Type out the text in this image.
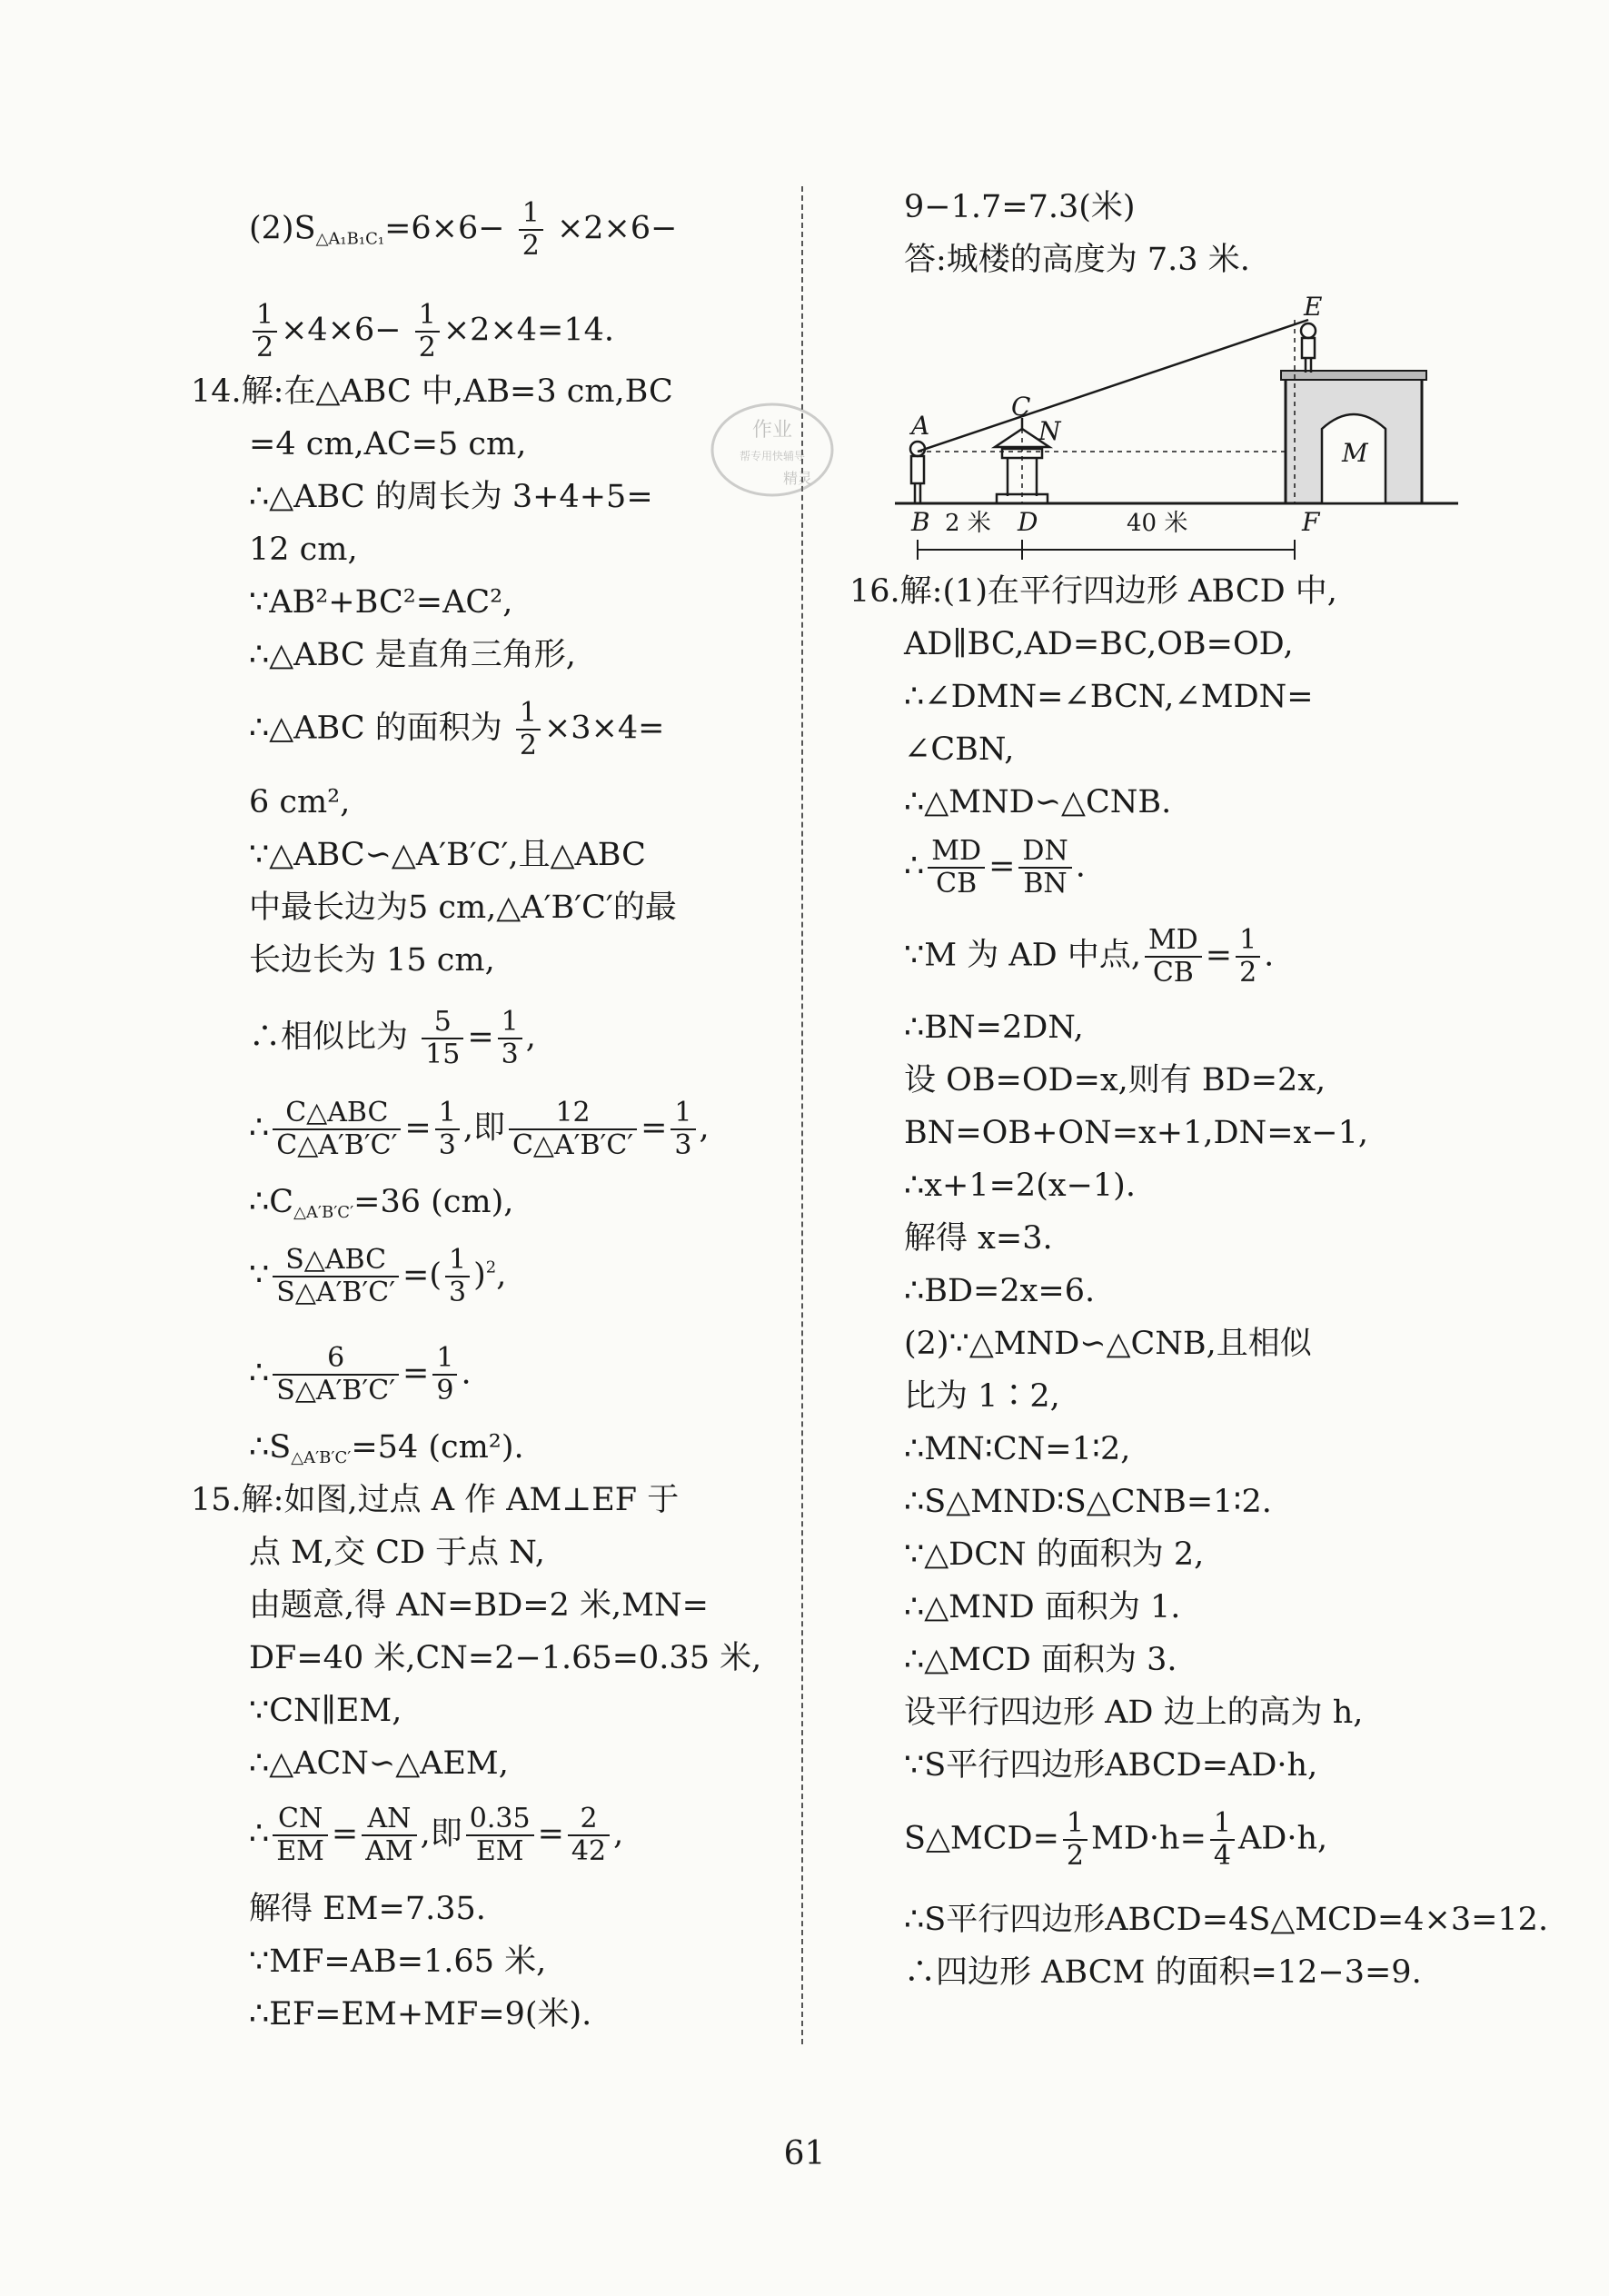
$(2)S_{\triangle A_1B_1C_1}=6\times 6- \frac{1}{2} \times 2\times 6-$
$\frac{1}{2} \times 4\times 6- \frac{1}{2} \times 2\times 4=14$.
14.解:在△ABC 中,AB=3 cm,BC
=4 cm,AC=5 cm,
∴△ABC 的周长为 3+4+5=
12 cm,
∵AB²+BC²=AC²,
∴△ABC 是直角三角形,
∴△ABC 的面积为 $\frac{1}{2} \times 3\times 4=$
6 cm²,
∵△ABC∽△A′B′C′,且△ABC
中最长边为5 cm,△A′B′C′的最
长边长为 15 cm,
∴相似比为 $\frac{5}{15} = \frac{1}{3}$ ,
∴ $\frac{\text{C△ABC}}{C\triangle A'B'C'} = \frac{1}{3}$ ,即 $\frac{12}{C\triangle A'B'C'} = \frac{1}{3}$ ,
$\therefore C_{\triangle A'B'C'}=36$ (cm),
∵ $\frac{\text{S△ABC}}{S\triangle A'B'C'}$ =( $\frac{1}{3} )^2$,
∴ $\frac{6}{S\triangle A'B'C'} = \frac{1}{9}$ .
$\therefore S_{\triangle A'B'C'}=54$ (cm²).
15.解:如图,过点 A 作 AM⊥EF 于
点 M,交 CD 于点 N,
由题意,得 AN=BD=2 米,MN=
DF=40 米,CN=2−1.65=0.35 米,
∵CN∥EM,
∴△ACN∽△AEM,
∴ $\frac{CN}{EM} = \frac{AN}{AM}$ ,即 $\frac{0.35}{EM} = \frac{2}{42}$ ,
解得 EM=7.35.
∵MF=AB=1.65 米,
∴EF=EM+MF=9(米).
作业
帮专用快辅导
精灵
9−1.7=7.3(米)
答:城楼的高度为 7.3 米.
16.解:(1)在平行四边形 ABCD 中,
AD∥BC,AD=BC,OB=OD,
∴∠DMN=∠BCN,∠MDN=
∠CBN,
∴△MND∽△CNB.
∴ $\frac{MD}{CB} = \frac{DN}{BN}$ .
∵M 为 AD 中点, $\frac{MD}{CB} = \frac{1}{2}$ .
∴BN=2DN,
设 OB=OD=x,则有 BD=2x,
BN=OB+ON=x+1,DN=x−1,
∴x+1=2(x−1).
解得 x=3.
∴BD=2x=6.
(2)∵△MND∽△CNB,且相似
比为 1∶2,
∴MN∶CN=1∶2,
∴S△MND∶S△CNB=1∶2.
∵△DCN 的面积为 2,
∴△MND 面积为 1.
∴△MCD 面积为 3.
设平行四边形 AD 边上的高为 h,
∵S平行四边形ABCD=AD·h,
S△MCD= $\frac{1}{2} MD\cdot h= \frac{1}{4} AD\cdot h$,
∴S平行四边形ABCD=4S△MCD=4×3=12.
∴四边形 ABCM 的面积=12−3=9.
A
B
C
N
D
E
M
F
2 米	40 米
61
